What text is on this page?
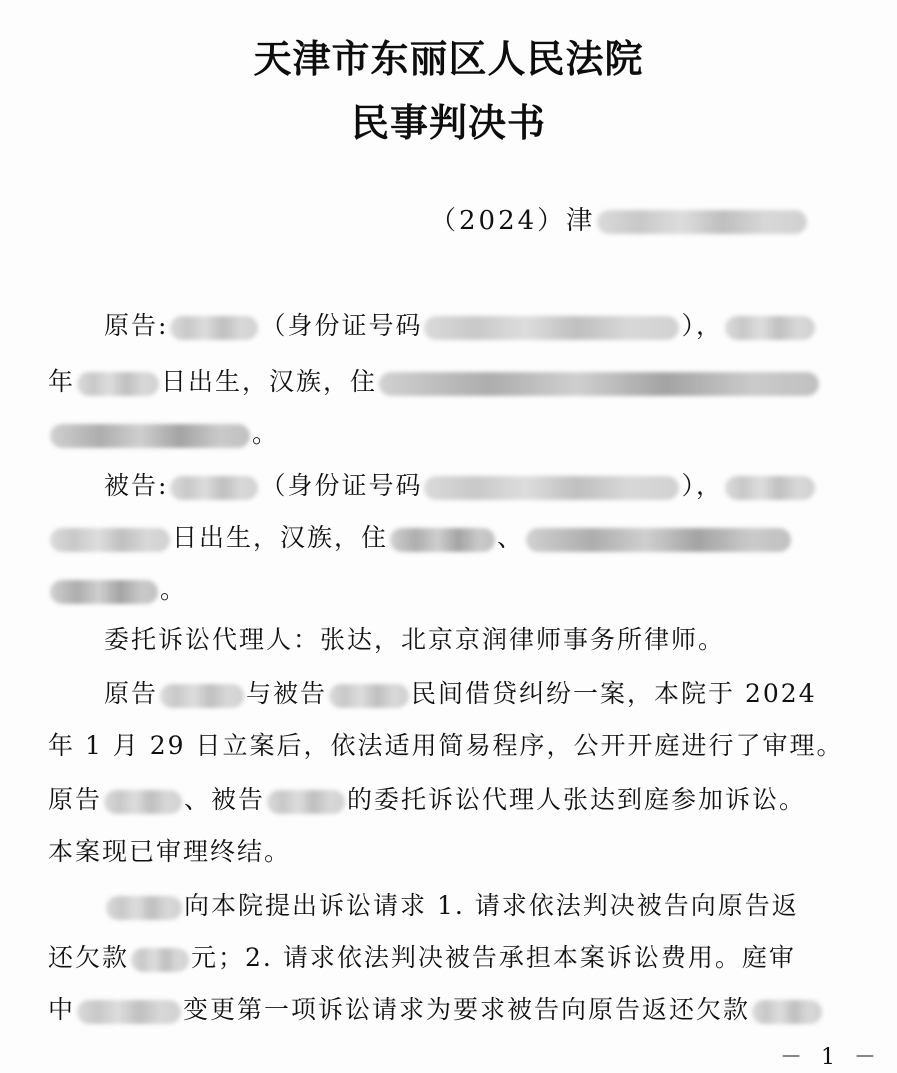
天津市东丽区人民法院
民事判决书
（2024）津
原告:	（身份证号码	），
年	日出生，汉族，住
。
被告:	（身份证号码	），
日出生，汉族，住	、
。
委托诉讼代理人：张达，北京京润律师事务所律师。
原告	与被告	民间借贷纠纷一案，本院于 2024
年 1 月 29 日立案后，依法适用简易程序，公开开庭进行了审理。
原告	、被告	的委托诉讼代理人张达到庭参加诉讼。
本案现已审理终结。
向本院提出诉讼请求 1. 请求依法判决被告向原告返
还欠款 元；2. 请求依法判决被告承担本案诉讼费用。庭审
中	变更第一项诉讼请求为要求被告向原告返还欠款
－ 1 －
